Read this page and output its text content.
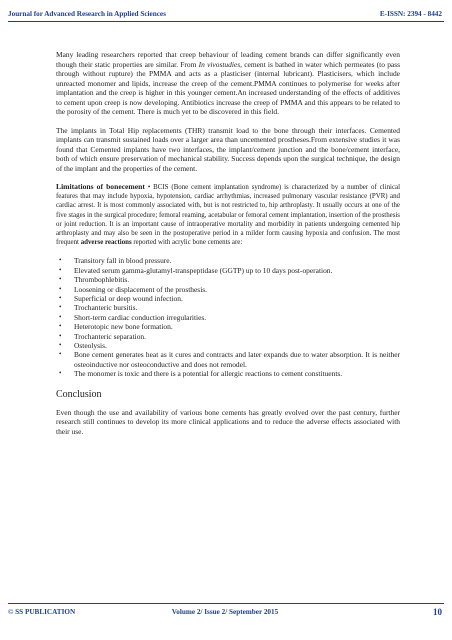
Journal for Advanced Research in Applied Sciences	E-ISSN: 2394 - 8442

Many leading researchers reported that creep behaviour of leading cement brands can differ significantly even though their static properties are similar. From In vivostudies, cement is bathed in water which permeates (to pass through without rupture) the PMMA and acts as a plasticiser (internal lubricant). Plasticisers, which include unreacted monomer and lipids, increase the creep of the cement.PMMA continues to polymerise for weeks after implantation and the creep is higher in this younger cement.An increased understanding of the effects of additives to cement upon creep is now developing. Antibiotics increase the creep of PMMA and this appears to be related to the porosity of the cement. There is much yet to be discovered in this field.

The implants in Total Hip replacements (THR) transmit load to the bone through their interfaces. Cemented implants can transmit sustained loads over a larger area than uncemented prostheses.From extensive studies it was found that Cemented implants have two interfaces, the implant/cement junction and the bone/cement interface, both of which ensure preservation of mechanical stability. Success depends upon the surgical technique, the design of the implant and the properties of the cement.

Limitations of bonecement • BCIS (Bone cement implantation syndrome) is characterized by a number of clinical features that may include hypoxia, hypotension, cardiac arrhythmias, increased pulmonary vascular resistance (PVR) and cardiac arrest. It is most commonly associated with, but is not restricted to, hip arthroplasty. It usually occurs at one of the five stages in the surgical procedure; femoral reaming, acetabular or femoral cement implantation, insertion of the prosthesis or joint reduction. It is an important cause of intraoperative mortality and morbidity in patients undergoing cemented hip arthroplasty and may also be seen in the postoperative period in a milder form causing hypoxia and confusion. The most frequent adverse reactions reported with acrylic bone cements are:

• Transitory fall in blood pressure.
• Elevated serum gamma-glutamyl-transpeptidase (GGTP) up to 10 days post-operation.
• Thrombophlebitis.
• Loosening or displacement of the prosthesis.
• Superficial or deep wound infection.
• Trochanteric bursitis.
• Short-term cardiac conduction irregularities.
• Heterotopic new bone formation.
• Trochanteric separation.
• Osteolysis.
• Bone cement generates heat as it cures and contracts and later expands due to water absorption. It is neither osteoinductive nor osteoconductive and does not remodel.
• The monomer is toxic and there is a potential for allergic reactions to cement constituents.
Conclusion

Even though the use and availability of various bone cements has greatly evolved over the past century, further research still continues to develop its more clinical applications and to reduce the adverse effects associated with their use.

© SS PUBLICATION	Volume 2/ Issue 2/ September 2015	10
